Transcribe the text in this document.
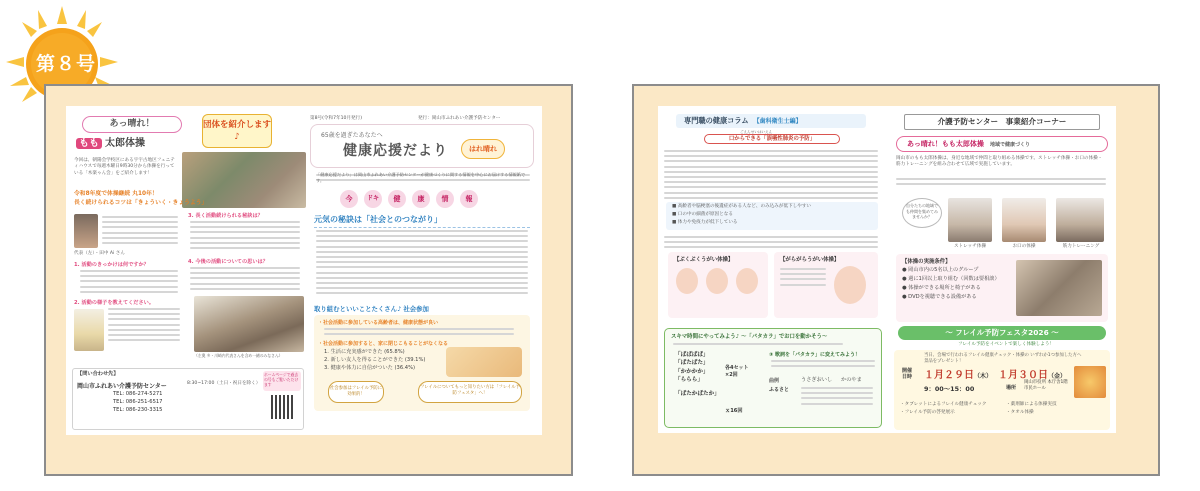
第８号
あっ晴れ！
もも 太郎体操
団体を紹介します♪
今回は、朝陽会学校区にある宇宇古地区フュニティハウスで毎週木曜日9時30分から体操を行っている「木楽ゃん会」をご紹介します！
令和8年度で体操継続 丸10年！
長く続けられるコツは「きょういく・きょうよう」
代表（左）・田中 Ai さん
1. 活動のきっかけは何ですか？
2. 活動の様子を教えてください。
3. 長く活動続けられる秘訣は？
4. 今後の活動についての思いは？
（左奥 多・川崎内代表さんを含め一緒のみなさん）
【問い合わせ先】
岡山市ふれあい介護予防センター	8:30~17:00（土日・祝日を除く）
TEL: 086-274-5271
TEL: 086-251-6517
TEL: 086-230-3315
ホームページで過去の号もご覧いただけます
第8号(令和7年10月発行)	発行：岡山市ふれあい介護予防センター
65歳を過ぎたあなたへ
健康応援だより	はれ晴れ
「健康応援だより」は岡山市ふれあい介護予防センターが健康づくりに関する情報を中心にお届けする情報紙です。
今	ドキ	健	康	情	報
元気の秘訣は「社会とのつながり」
取り組むといいことたくさん♪ 社会参加
・社会活動に参加している高齢者は、健康状態が良い
・社会活動に参加すると、家に閉じこもることがなくなる
1. 生活に充実感ができた (65.8%)
2. 新しい友人を得ることができた (39.1%)
3. 健康や体力に自信がついた (36.4%)
社会参加はフレイル予防に効果的！
フレイルについてもっと知りたい方は「フレイル予防フェスタ」へ！
専門職の健康コラム 【歯科衛生士編】
ごえんせいはいえん
口からできる「誤嚥性肺炎の予防」
■ 高齢者や脳梗塞の後遺症がある人など、のみ込みが低下しやすい
■ 口の中の細菌が原因となる
■ 体力や免疫力が低下している
【ぶくぶくうがい体操】	【がらがらうがい体操】
スキマ時間にやってみよう♪ 〜「パタカラ」でお口を動かそう〜
「ぱぱぱぱ」
「ぱたぱた」
「かかかか」
「ららら」
「ぱたかぱたか」
各4セット ×2回
ｘ16回
③ 歌詞を「パタカラ」に変えてみよう！
曲例
ふるさと
うさぎおいし かのやま
介護予防センター　事業紹介コーナー
あっ晴れ！もも太郎体操 地域で健康づくり
岡山市のもも太郎体操は、身近な地域で仲間と取り組める体操です。ストレッチ体操・お口の体操・筋力トレーニングを組み合わせて広域で実施しています。
自分たちの地域でも仲間を集めてみませんか？
ストレッチ体操	お口の体操	筋力トレーニング
【体操の実施条件】
● 岡山市内の5名以上のグループ
● 週に1回以上取り組む（回数は要相談）
● 体操ができる場所と椅子がある
● DVDを視聴できる設備がある
〜 フレイル予防フェスタ2026 〜
フレイル予防をイベントで楽しく体験しよう！
当日、会場で行われるフレイル健康チェック・体操の いずれか1つ参加した方へ景品をプレゼント！
開催日時	１月２９日（木） １月３０日（金）
9：00〜15：00	場所
岡山市役所 本庁舎1階 市民ホール
・タブレットによるフレイル健康チェック
・フレイル予防の啓発展示
・薬剤師による体操実技
・タオル体操
